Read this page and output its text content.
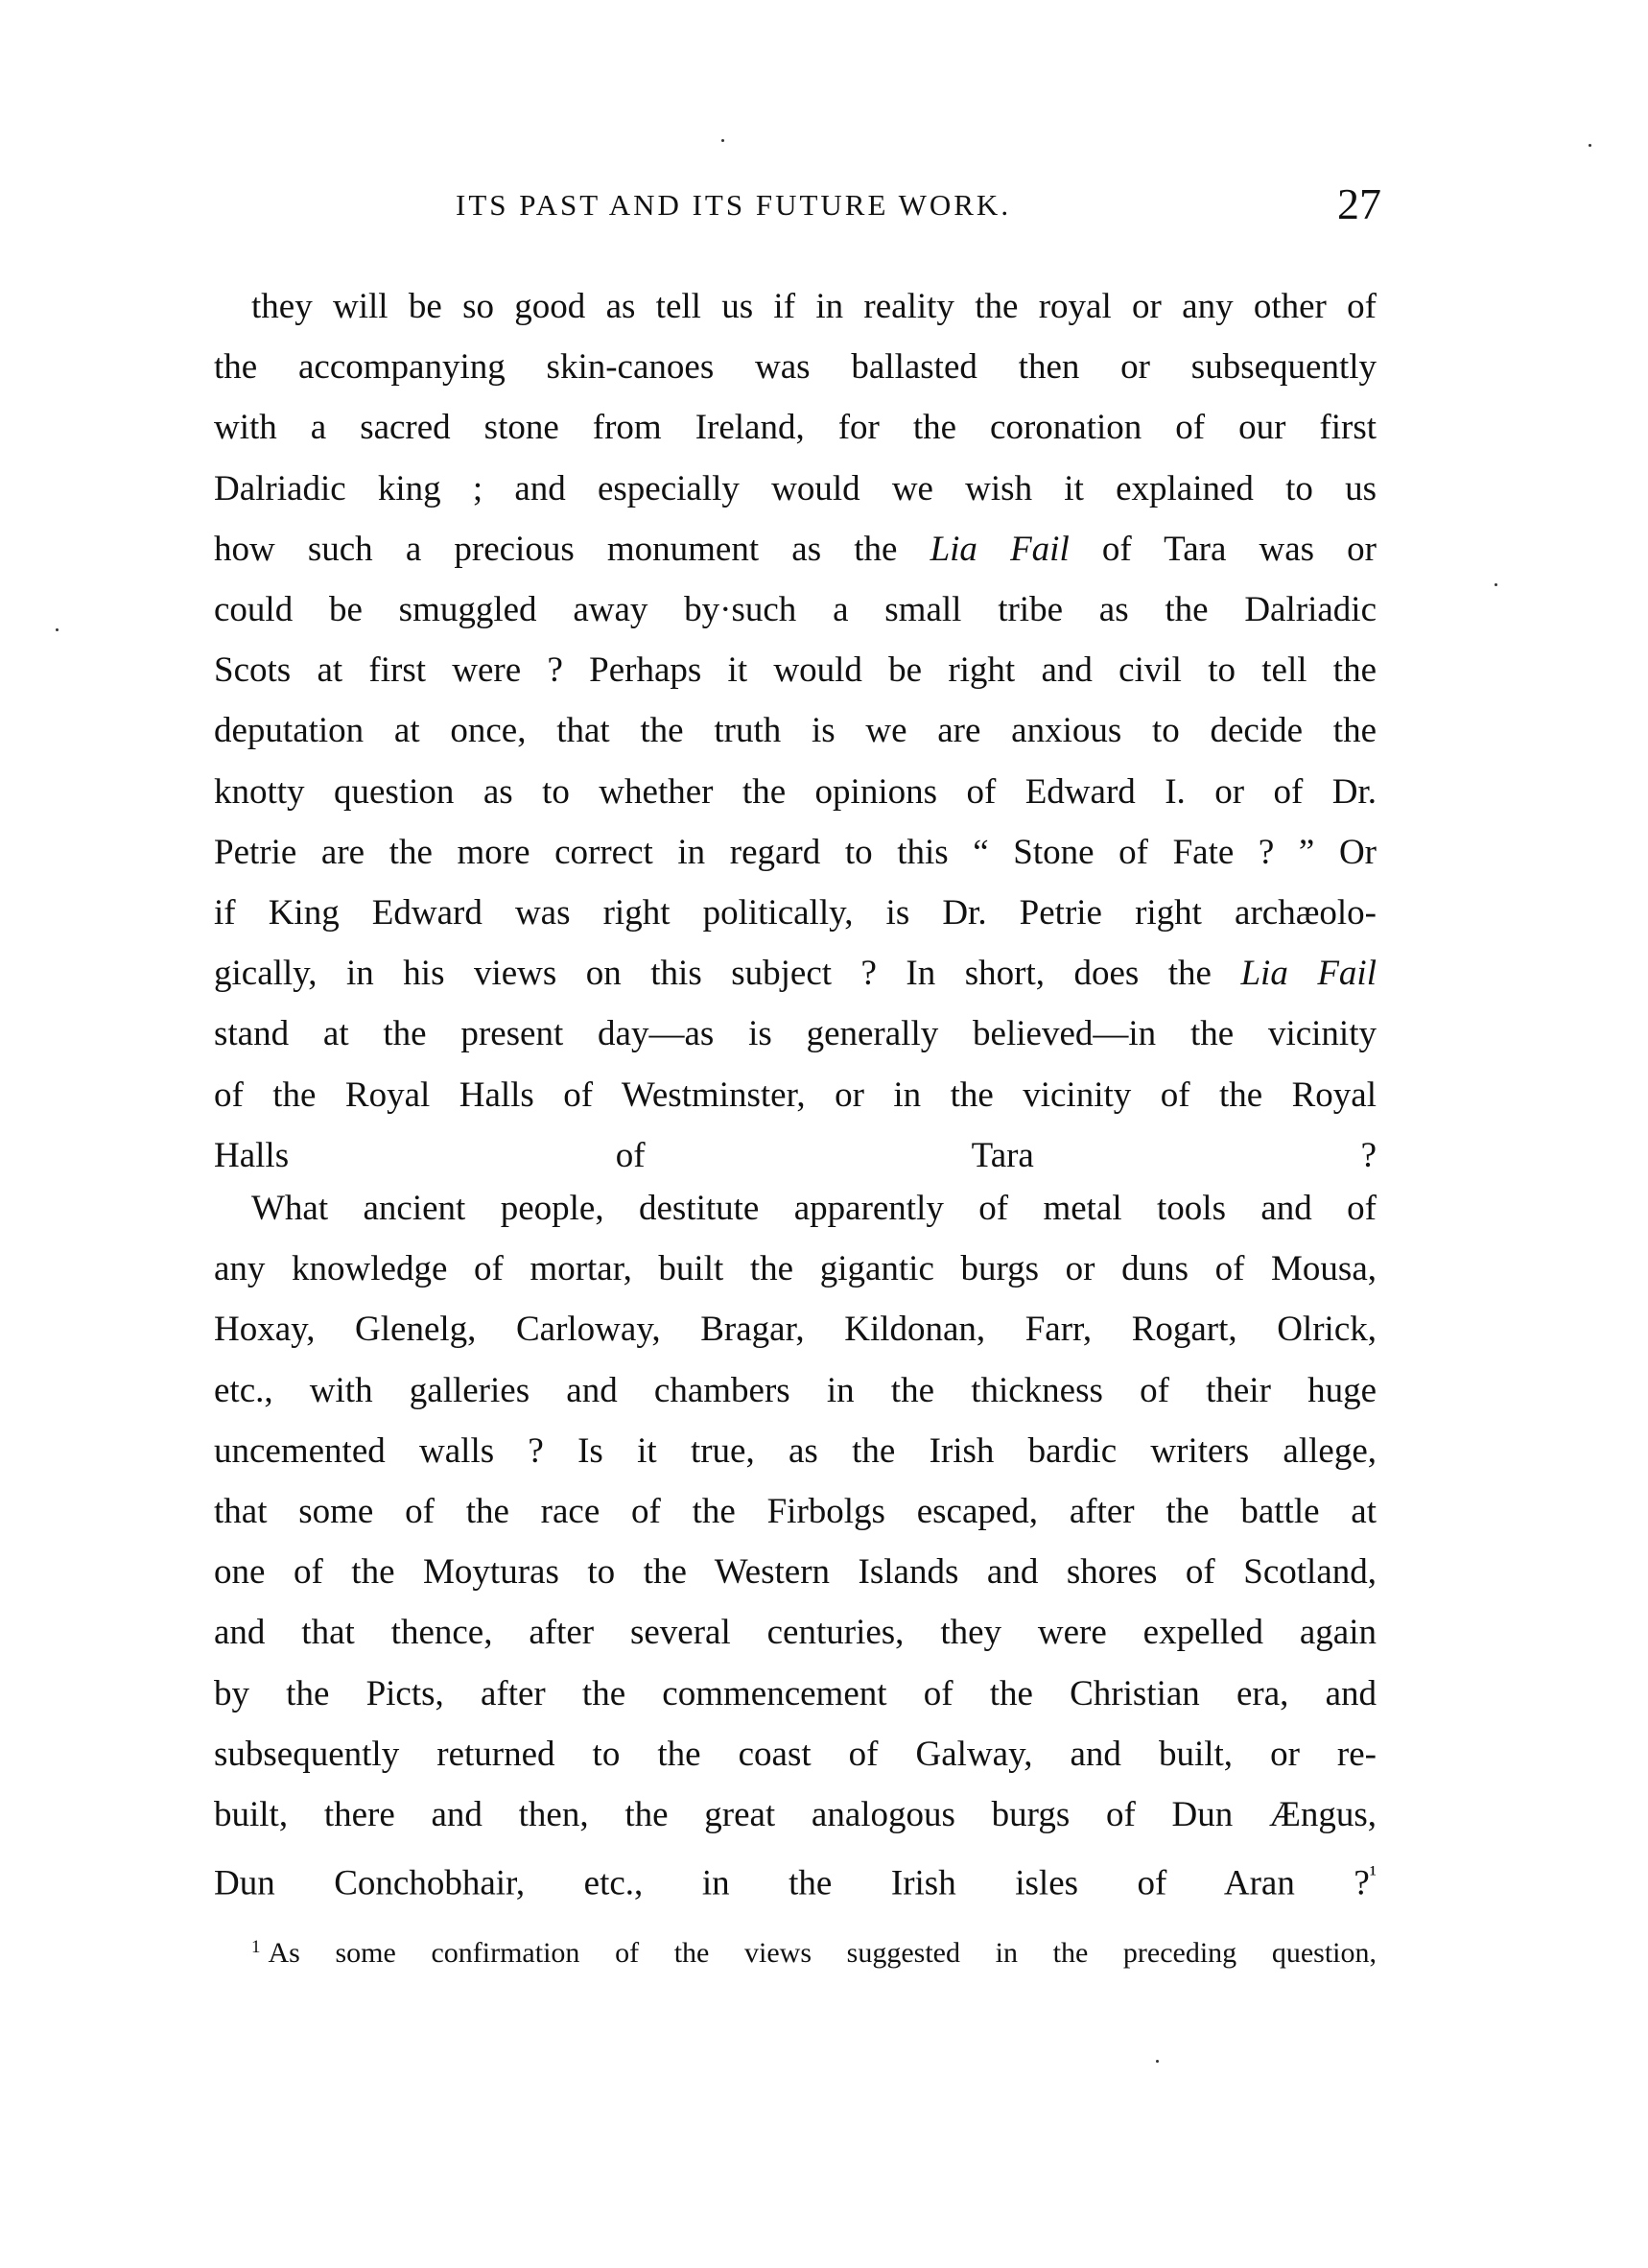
ITS PAST AND ITS FUTURE WORK.	27
they will be so good as tell us if in reality the royal or any other of
the accompanying skin-canoes was ballasted then or subsequently
with a sacred stone from Ireland, for the coronation of our first
Dalriadic king ; and especially would we wish it explained to us
how such a precious monument as the Lia Fail of Tara was or
could be smuggled away by·such a small tribe as the Dalriadic
Scots at first were ? Perhaps it would be right and civil to tell the
deputation at once, that the truth is we are anxious to decide the
knotty question as to whether the opinions of Edward I. or of Dr.
Petrie are the more correct in regard to this “ Stone of Fate ? ” Or
if King Edward was right politically, is Dr. Petrie right archæolo-
gically, in his views on this subject ? In short, does the Lia Fail
stand at the present day—as is generally believed—in the vicinity
of the Royal Halls of Westminster, or in the vicinity of the Royal
Halls of Tara ?
What ancient people, destitute apparently of metal tools and of
any knowledge of mortar, built the gigantic burgs or duns of Mousa,
Hoxay, Glenelg, Carloway, Bragar, Kildonan, Farr, Rogart, Olrick,
etc., with galleries and chambers in the thickness of their huge
uncemented walls ? Is it true, as the Irish bardic writers allege,
that some of the race of the Firbolgs escaped, after the battle at
one of the Moyturas to the Western Islands and shores of Scotland,
and that thence, after several centuries, they were expelled again
by the Picts, after the commencement of the Christian era, and
subsequently returned to the coast of Galway, and built, or re-
built, there and then, the great analogous burgs of Dun Ængus,
Dun Conchobhair, etc., in the Irish isles of Aran ?$^{^1}$
$^1$ As some confirmation of the views suggested in the preceding question,
